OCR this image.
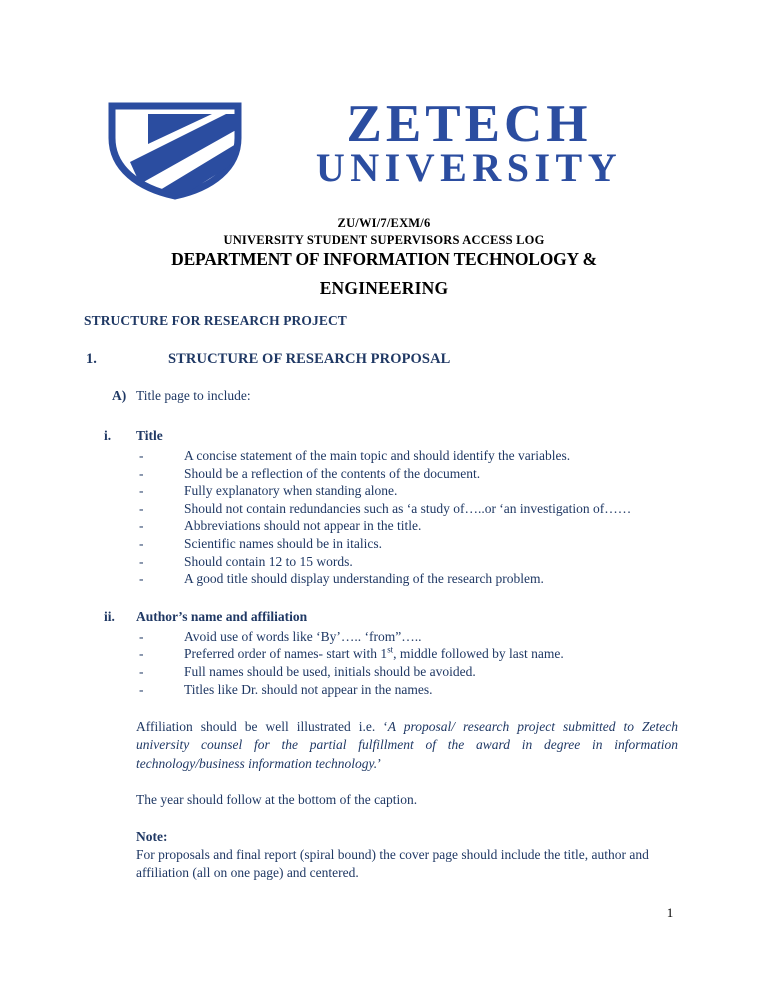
ZETECH
UNIVERSITY
ZU/WI/7/EXM/6
UNIVERSITY STUDENT SUPERVISORS ACCESS LOG
DEPARTMENT OF INFORMATION TECHNOLOGY &
ENGINEERING
STRUCTURE FOR RESEARCH PROJECT
1.	STRUCTURE OF RESEARCH PROPOSAL
A) Title page to include:
i. Title
-	A concise statement of the main topic and should identify the variables.
-	Should be a reflection of the contents of the document.
-	Fully explanatory when standing alone.
-	Should not contain redundancies such as ‘a study of…..or ‘an investigation of……
-	Abbreviations should not appear in the title.
-	Scientific names should be in italics.
-	Should contain 12 to 15 words.
-	A good title should display understanding of the research problem.
ii. Author’s name and affiliation
-	Avoid use of words like ‘By’….. ‘from”…..
-	Preferred order of names- start with 1st, middle followed by last name.
-	Full names should be used, initials should be avoided.
-	Titles like Dr. should not appear in the names.

Affiliation should be well illustrated i.e. ‘A proposal/ research project submitted to Zetech university counsel for the partial fulfillment of the award in degree in information technology/business information technology.’

The year should follow at the bottom of the caption.

Note:

For proposals and final report (spiral bound) the cover page should include the title, author and affiliation (all on one page) and centered.

1
